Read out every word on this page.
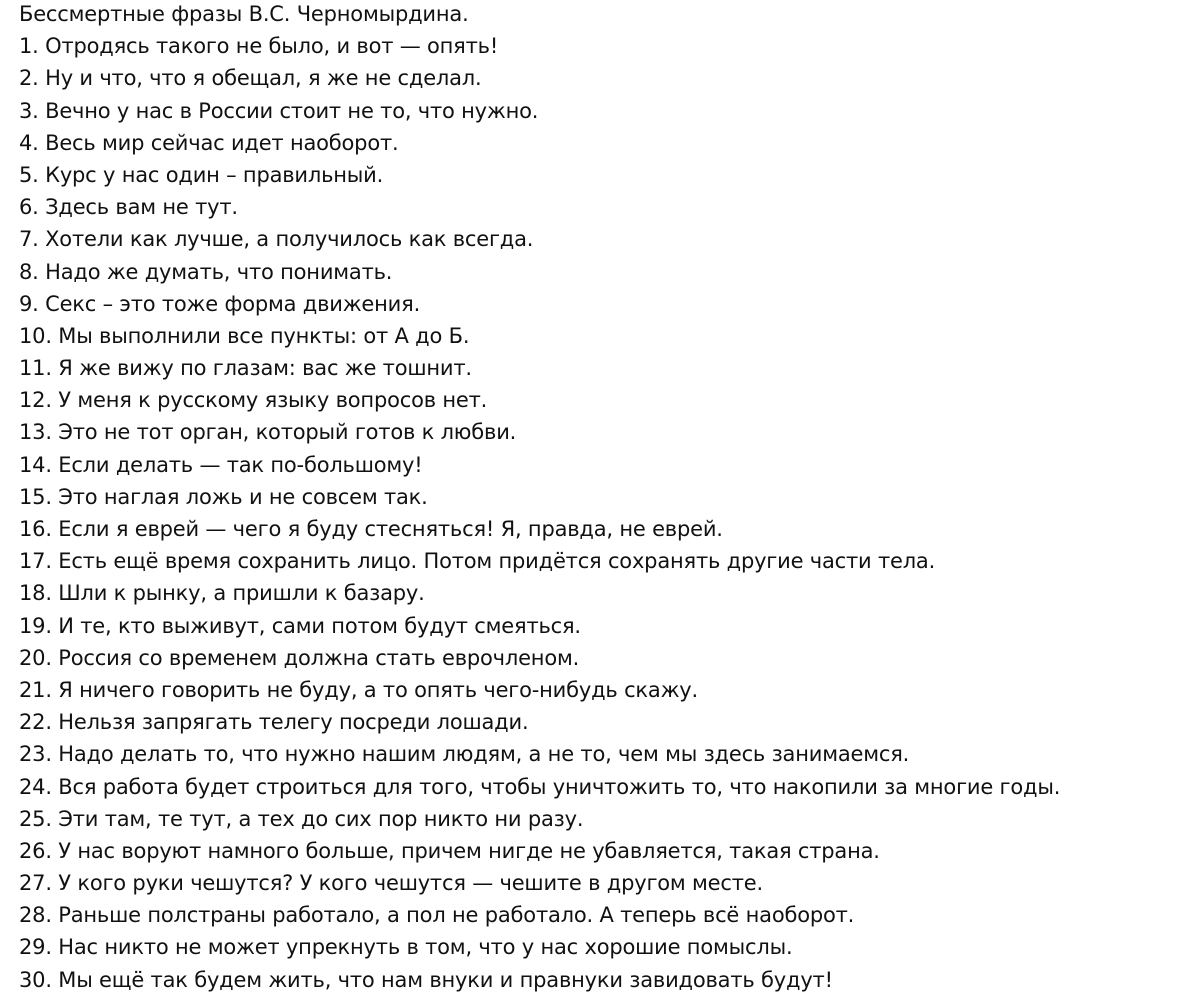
Бессмертные фразы В.С. Черномырдина.
1. Отродясь такого не было, и вот — опять!
2. Ну и что, что я обещал, я же не сделал.
3. Вечно у нас в России стоит не то, что нужно.
4. Весь мир сейчас идет наоборот.
5. Курс у нас один – правильный.
6. Здесь вам не тут.
7. Хотели как лучше, а получилось как всегда.
8. Надо же думать, что понимать.
9. Секс – это тоже форма движения.
10. Мы выполнили все пункты: от А до Б.
11. Я же вижу по глазам: вас же тошнит.
12. У меня к русскому языку вопросов нет.
13. Это не тот орган, который готов к любви.
14. Если делать — так по-большому!
15. Это наглая ложь и не совсем так.
16. Если я еврей — чего я буду стесняться! Я, правда, не еврей.
17. Есть ещё время сохранить лицо. Потом придётся сохранять другие части тела.
18. Шли к рынку, а пришли к базару.
19. И те, кто выживут, сами потом будут смеяться.
20. Россия со временем должна стать еврочленом.
21. Я ничего говорить не буду, а то опять чего-нибудь скажу.
22. Нельзя запрягать телегу посреди лошади.
23. Надо делать то, что нужно нашим людям, а не то, чем мы здесь занимаемся.
24. Вся работа будет строиться для того, чтобы уничтожить то, что накопили за многие годы.
25. Эти там, те тут, а тех до сих пор никто ни разу.
26. У нас воруют намного больше, причем нигде не убавляется, такая страна.
27. У кого руки чешутся? У кого чешутся — чешите в другом месте.
28. Раньше полстраны работало, а пол не работало. А теперь всё наоборот.
29. Нас никто не может упрекнуть в том, что у нас хорошие помыслы.
30. Мы ещё так будем жить, что нам внуки и правнуки завидовать будут!
